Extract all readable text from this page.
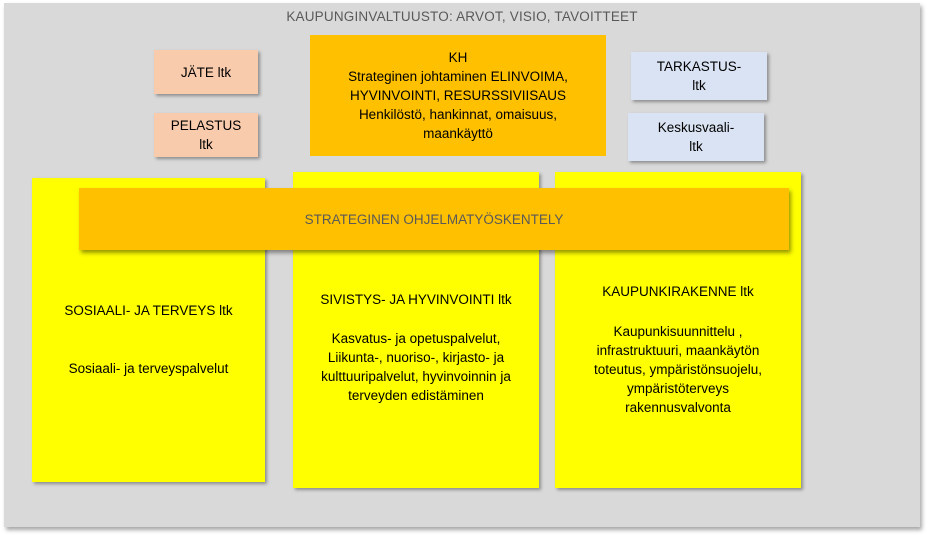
KAUPUNGINVALTUUSTO: ARVOT, VISIO, TAVOITTEET
JÄTE ltk
PELASTUS
ltk
KH
Strateginen johtaminen ELINVOIMA,
HYVINVOINTI, RESURSSIVIISAUS
Henkilöstö, hankinnat, omaisuus,
maankäyttö
TARKASTUS-
ltk
Keskusvaali-
ltk
SOSIAALI- JA TERVEYS ltk
Sosiaali- ja terveyspalvelut
SIVISTYS- JA HYVINVOINTI ltk
Kasvatus- ja opetuspalvelut,
Liikunta-, nuoriso-, kirjasto- ja
kulttuuripalvelut, hyvinvoinnin ja
terveyden edistäminen
KAUPUNKIRAKENNE ltk
Kaupunkisuunnittelu ,
infrastruktuuri, maankäytön
toteutus, ympäristönsuojelu,
ympäristöterveys
rakennusvalvonta
STRATEGINEN OHJELMATYÖSKENTELY
